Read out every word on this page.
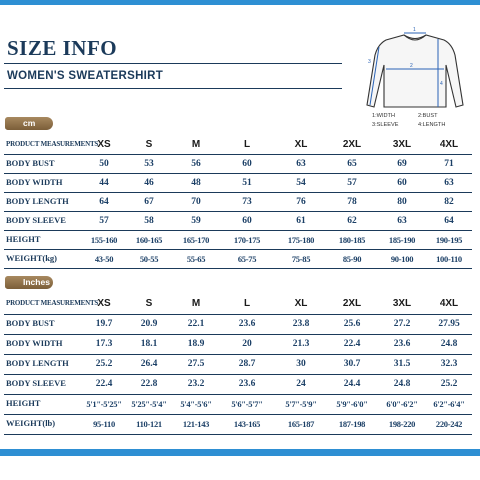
SIZE INFO
WOMEN'S SWEATERSHIRT
1
2
3
4
1:WIDTH	2:BUST
3:SLEEVE	4:LENGTH
cm
Inches
PRODUCT MEASUREMENTS XS	S	M	L	XL	2XL	3XL	4XL
BODY BUST	50	53	56	60	63	65	69	71
BODY WIDTH	44	46	48	51	54	57	60	63
BODY LENGTH	64	67	70	73	76	78	80	82
BODY SLEEVE	57	58	59	60	61	62	63	64
HEIGHT	155-160	160-165	165-170	170-175	175-180	180-185	185-190	190-195
WEIGHT(kg)	43-50	50-55	55-65	65-75	75-85	85-90	90-100	100-110
PRODUCT MEASUREMENTS XS	S	M	L	XL	2XL	3XL	4XL
BODY BUST	19.7	20.9	22.1	23.6	23.8	25.6	27.2	27.95
BODY WIDTH	17.3	18.1	18.9	20	21.3	22.4	23.6	24.8
BODY LENGTH	25.2	26.4	27.5	28.7	30	30.7	31.5	32.3
BODY SLEEVE	22.4	22.8	23.2	23.6	24	24.4	24.8	25.2
HEIGHT	5'1"-5'25"	5'25"-5'4"	5'4"-5'6"	5'6"-5'7"	5'7"-5'9"	5'9"-6'0"	6'0"-6'2"	6'2"-6'4"
WEIGHT(lb)	95-110	110-121	121-143	143-165	165-187	187-198	198-220	220-242
